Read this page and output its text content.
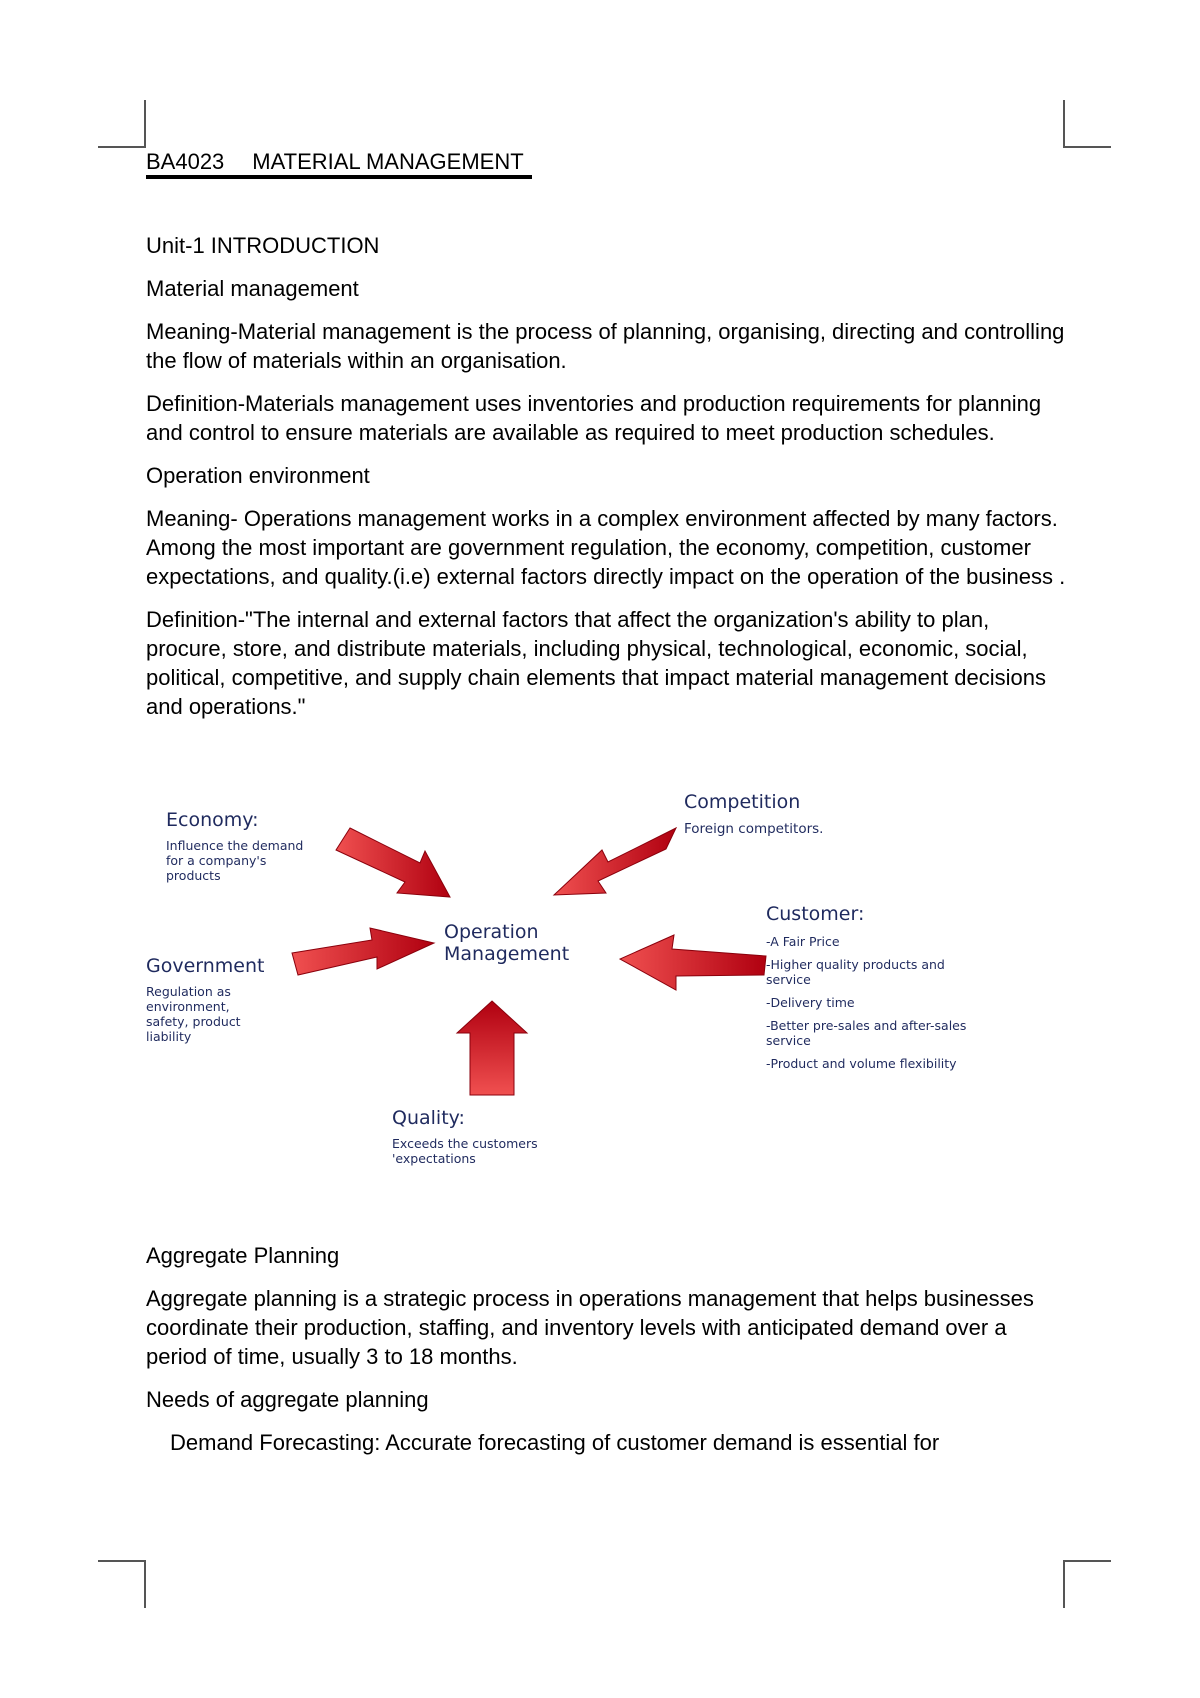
BA4023 MATERIAL MANAGEMENT

Unit-1 INTRODUCTION

Material management

Meaning-Material management is the process of planning, organising, directing and controlling the flow of materials within an organisation.

Definition-Materials management uses inventories and production requirements for planning and control to ensure materials are available as required to meet production schedules.

Operation environment

Meaning- Operations management works in a complex environment affected by many factors. Among the most important are government regulation, the economy, competition, customer expectations, and quality.(i.e) external factors directly impact on the operation of the business .

Definition-"The internal and external factors that affect the organization's ability to plan, procure, store, and distribute materials, including physical, technological, economic, social, political, competitive, and supply chain elements that impact material management decisions and operations."

Economy:
Influence the demand
for a company's
products
Competition
Foreign competitors.
Operation
Management
Government
Regulation as
environment,
safety, product
liability
Customer:
-A Fair Price
-Higher quality products and service
-Delivery time
-Better pre-sales and after-sales service
-Product and volume flexibility
Quality:
Exceeds the customers
'expectations

Aggregate Planning

Aggregate planning is a strategic process in operations management that helps businesses coordinate their production, staffing, and inventory levels with anticipated demand over a period of time, usually 3 to 18 months.

Needs of aggregate planning

Demand Forecasting: Accurate forecasting of customer demand is essential for
